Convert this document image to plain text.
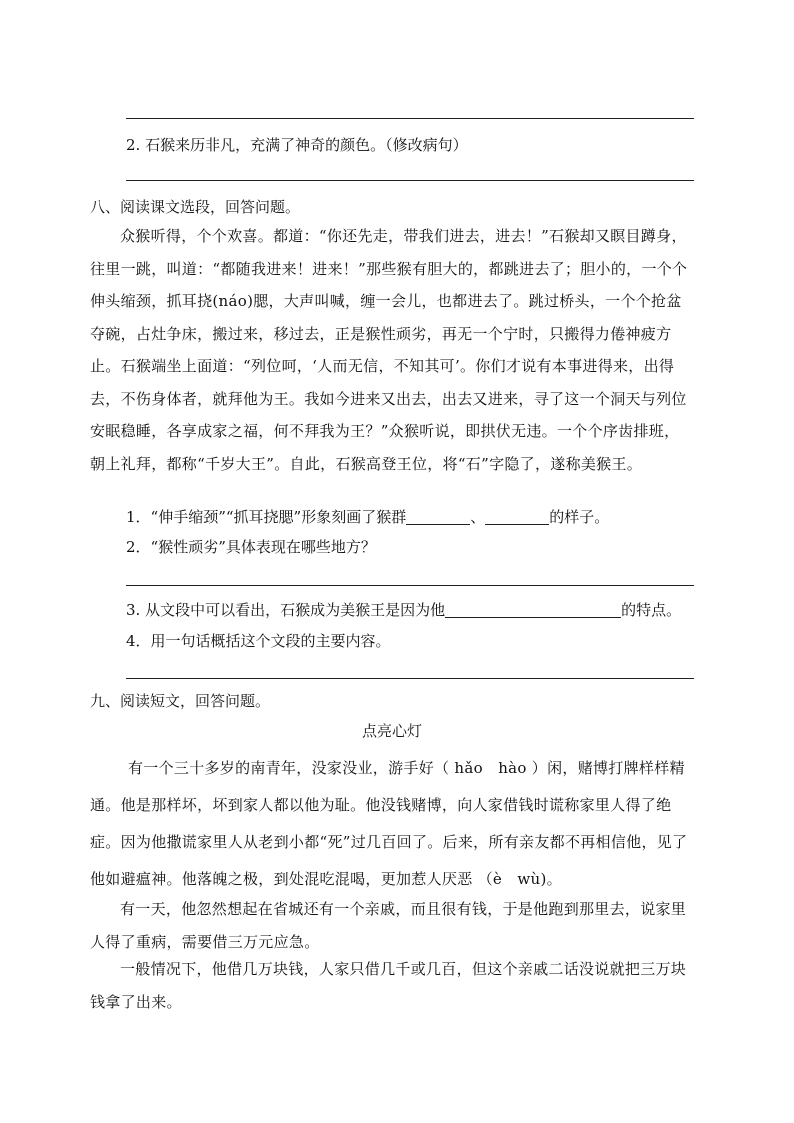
2. 石猴来历非凡，充满了神奇的颜色。（修改病句）
八、阅读课文选段，回答问题。
众猴听得，个个欢喜。都道：“你还先走，带我们进去，进去！”石猴却又瞑目蹲身，往里一跳，叫道：“都随我进来！进来！”那些猴有胆大的，都跳进去了；胆小的，一个个伸头缩颈，抓耳挠(náo)腮，大声叫喊，缠一会儿，也都进去了。跳过桥头，一个个抢盆夺碗，占灶争床，搬过来，移过去，正是猴性顽劣，再无一个宁时，只搬得力倦神疲方止。石猴端坐上面道：“列位呵，‘人而无信，不知其可’。你们才说有本事进得来，出得去，不伤身体者，就拜他为王。我如今进来又出去，出去又进来，寻了这一个洞天与列位安眠稳睡，各享成家之福，何不拜我为王？”众猴听说，即拱伏无违。一个个序齿排班，朝上礼拜，都称“千岁大王”。自此，石猴高登王位，将“石”字隐了，遂称美猴王。
1．“伸手缩颈”“抓耳挠腮”形象刻画了猴群	、	的样子。
2．“猴性顽劣”具体表现在哪些地方？
3. 从文段中可以看出，石猴成为美猴王是因为他	的特点。
4．用一句话概括这个文段的主要内容。
九、阅读短文，回答问题。
点亮心灯
有一个三十多岁的南青年，没家没业，游手好（ hǎo　hào ）闲，赌博打牌样样精通。他是那样坏，坏到家人都以他为耻。他没钱赌博，向人家借钱时谎称家里人得了绝症。因为他撒谎家里人从老到小都“死”过几百回了。后来，所有亲友都不再相信他，见了他如避瘟神。他落魄之极，到处混吃混喝，更加惹人厌恶 （è　wù)。
有一天，他忽然想起在省城还有一个亲戚，而且很有钱，于是他跑到那里去，说家里人得了重病，需要借三万元应急。
一般情况下，他借几万块钱，人家只借几千或几百，但这个亲戚二话没说就把三万块钱拿了出来。
